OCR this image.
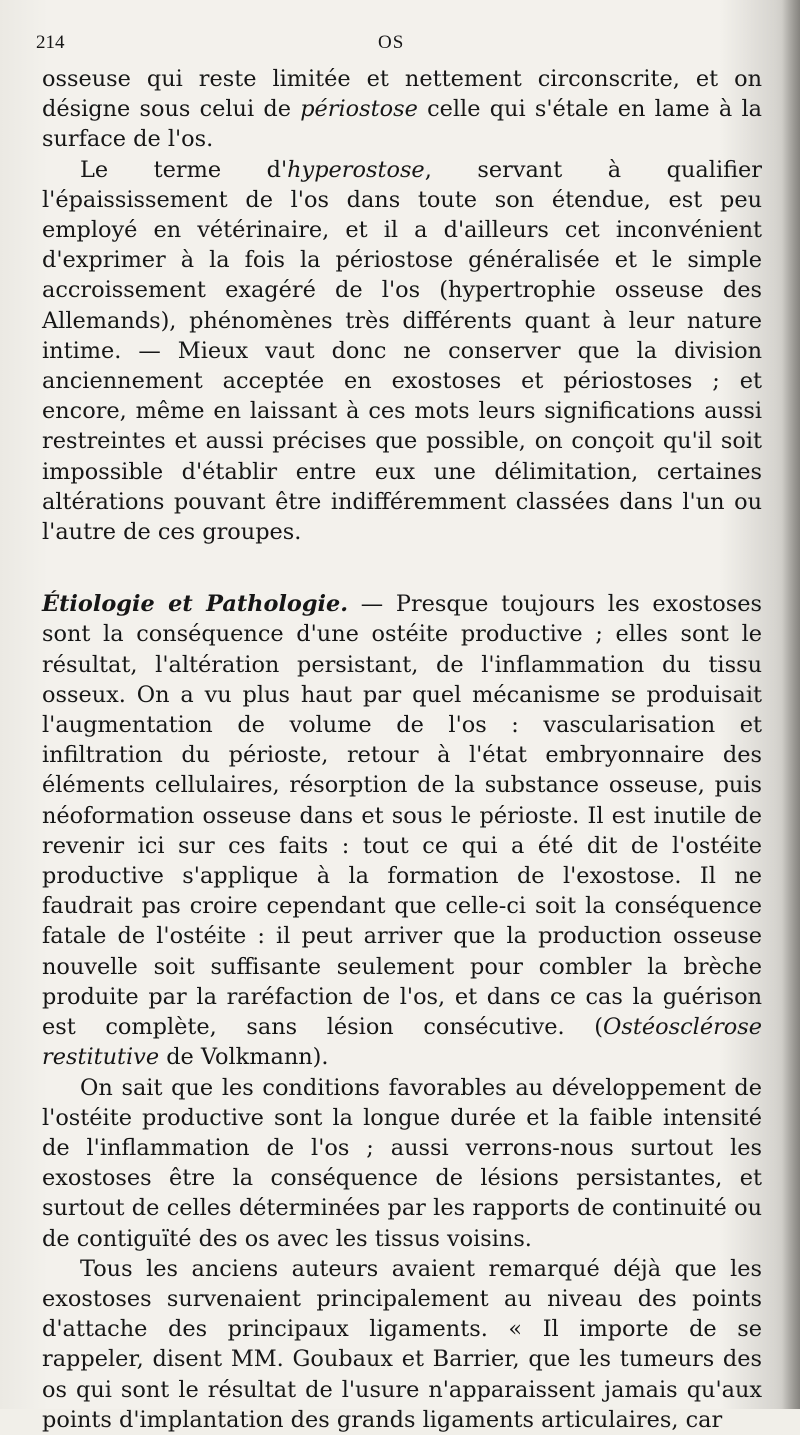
214	OS

osseuse qui reste limitée et nettement circonscrite, et on désigne sous celui de périostose celle qui s'étale en lame à la surface de l'os.

Le terme d'hyperostose, servant à qualifier l'épaississement de l'os dans toute son étendue, est peu employé en vétérinaire, et il a d'ailleurs cet inconvénient d'exprimer à la fois la périostose généralisée et le simple accroissement exagéré de l'os (hypertrophie osseuse des Allemands), phénomènes très différents quant à leur nature intime. — Mieux vaut donc ne conserver que la division anciennement acceptée en exostoses et périostoses ; et encore, même en laissant à ces mots leurs significations aussi restreintes et aussi précises que possible, on conçoit qu'il soit impossible d'établir entre eux une délimitation, certaines altérations pouvant être indifféremment classées dans l'un ou l'autre de ces groupes.

Étiologie et Pathologie. — Presque toujours les exostoses sont la conséquence d'une ostéite productive ; elles sont le résultat, l'altération persistant, de l'inflammation du tissu osseux. On a vu plus haut par quel mécanisme se produisait l'augmentation de volume de l'os : vascularisation et infiltration du périoste, retour à l'état embryonnaire des éléments cellulaires, résorption de la substance osseuse, puis néoformation osseuse dans et sous le périoste. Il est inutile de revenir ici sur ces faits : tout ce qui a été dit de l'ostéite productive s'applique à la formation de l'exostose. Il ne faudrait pas croire cependant que celle-ci soit la conséquence fatale de l'ostéite : il peut arriver que la production osseuse nouvelle soit suffisante seulement pour combler la brèche produite par la raréfaction de l'os, et dans ce cas la guérison est complète, sans lésion consécutive. (Ostéosclérose restitutive de Volkmann).

On sait que les conditions favorables au développement de l'ostéite productive sont la longue durée et la faible intensité de l'inflammation de l'os ; aussi verrons-nous surtout les exostoses être la conséquence de lésions persistantes, et surtout de celles déterminées par les rapports de continuité ou de contiguïté des os avec les tissus voisins.

Tous les anciens auteurs avaient remarqué déjà que les exostoses survenaient principalement au niveau des points d'attache des principaux ligaments. « Il importe de se rappeler, disent MM. Goubaux et Barrier, que les tumeurs des os qui sont le résultat de l'usure n'apparaissent jamais qu'aux points d'implantation des grands ligaments articulaires, car
